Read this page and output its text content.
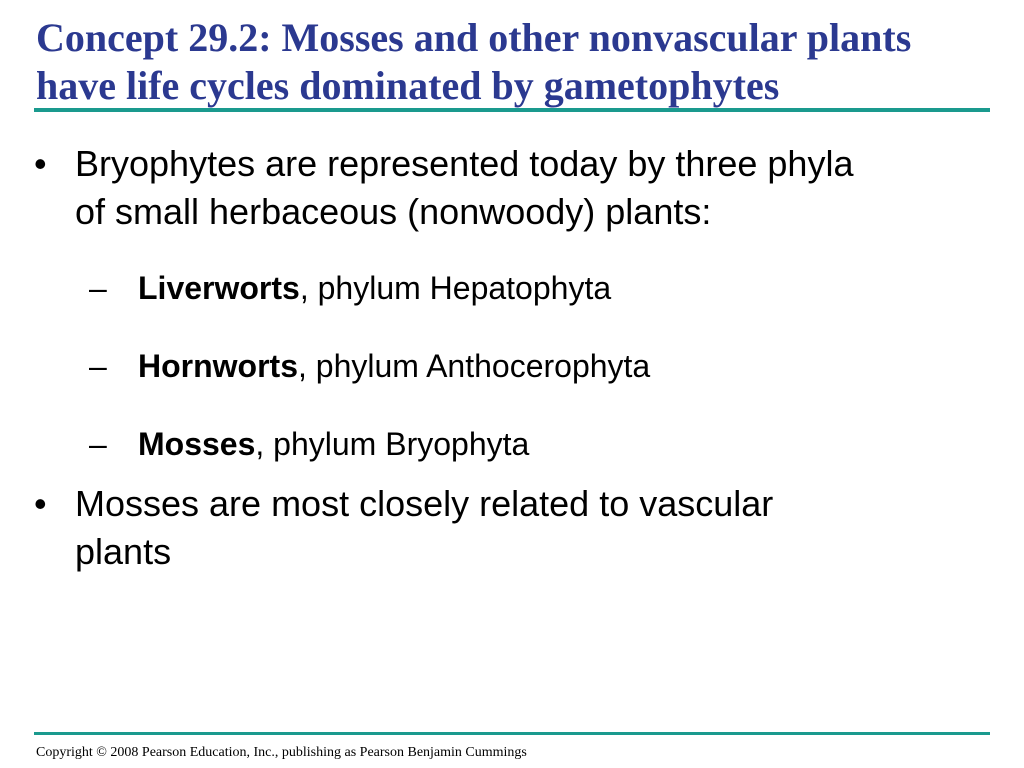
Concept 29.2: Mosses and other nonvascular plants
have life cycles dominated by gametophytes
• Bryophytes are represented today by three phyla
of small herbaceous (nonwoody) plants:
– Liverworts, phylum Hepatophyta
– Hornworts, phylum Anthocerophyta
– Mosses, phylum Bryophyta
• Mosses are most closely related to vascular
plants
Copyright © 2008 Pearson Education, Inc., publishing as Pearson Benjamin Cummings
